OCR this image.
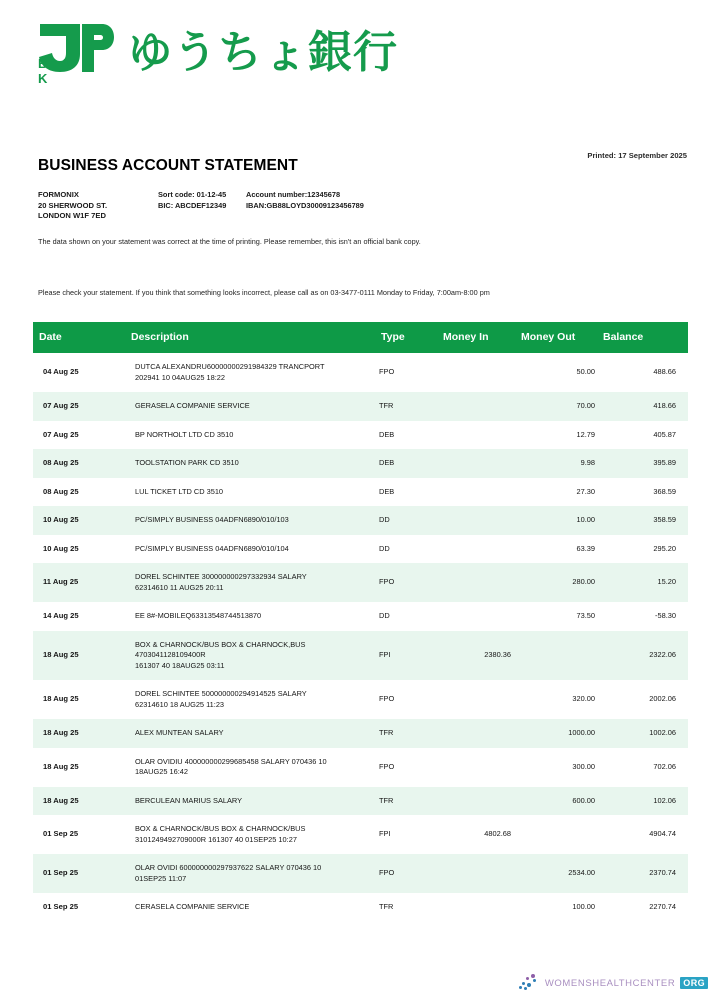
B A N K
ゆうちょ銀行
BUSINESS ACCOUNT STATEMENT
Printed: 17 September 2025
FORMONIX
20 SHERWOOD ST.
LONDON W1F 7ED
Sort code: 01-12-45	Account number:12345678
BIC: ABCDEF12349	IBAN:GB88LOYD30009123456789
The data shown on your statement was correct at the time of printing. Please remember, this isn't an official bank copy.
Please check your statement. If you think that something looks incorrect, please call as on 03-3477-0111 Monday to Friday, 7:00am-8:00 pm
Date	Description	Type	Money In	Money Out	Balance
04 Aug 25	DUTCA ALEXANDRU60000000291984329 TRANCPORT
202941 10 04AUG25 18:22	FPO		50.00	488.66
07 Aug 25	GERASELA COMPANIE SERVICE	TFR		70.00	418.66
07 Aug 25	BP NORTHOLT LTD CD 3510	DEB		12.79	405.87
08 Aug 25	TOOLSTATION PARK CD 3510	DEB		9.98	395.89
08 Aug 25	LUL TICKET LTD CD 3510	DEB		27.30	368.59
10 Aug 25	PC/SIMPLY BUSINESS 04ADFN6890/010/103	DD		10.00	358.59
10 Aug 25	PC/SIMPLY BUSINESS 04ADFN6890/010/104	DD		63.39	295.20
11 Aug 25	DOREL SCHINTEE 300000000297332934 SALARY
62314610 11 AUG25 20:11	FPO		280.00	15.20
14 Aug 25	EE 8#-MOBILEQ63313548744513870	DD		73.50	-58.30
18 Aug 25	BOX & CHARNOCK/BUS BOX & CHARNOCK,BUS 4703041128109400R
161307 40 18AUG25 03:11	FPI	2380.36		2322.06
18 Aug 25	DOREL SCHINTEE 500000000294914525 SALARY
62314610 18 AUG25 11:23	FPO		320.00	2002.06
18 Aug 25	ALEX MUNTEAN SALARY	TFR		1000.00	1002.06
18 Aug 25	OLAR OVIDIU 400000000299685458 SALARY 070436 10
18AUG25 16:42	FPO		300.00	702.06
18 Aug 25	BERCULEAN MARIUS SALARY	TFR		600.00	102.06
01 Sep 25	BOX & CHARNOCK/BUS BOX & CHARNOCK/BUS
3101249492709000R 161307 40 01SEP25 10:27	FPI	4802.68		4904.74
01 Sep 25	OLAR OVIDI 600000000297937622 SALARY 070436 10
01SEP25 11:07	FPO		2534.00	2370.74
01 Sep 25	CERASELA COMPANIE SERVICE	TFR		100.00	2270.74
WOMENSHEALTHCENTER ORG
